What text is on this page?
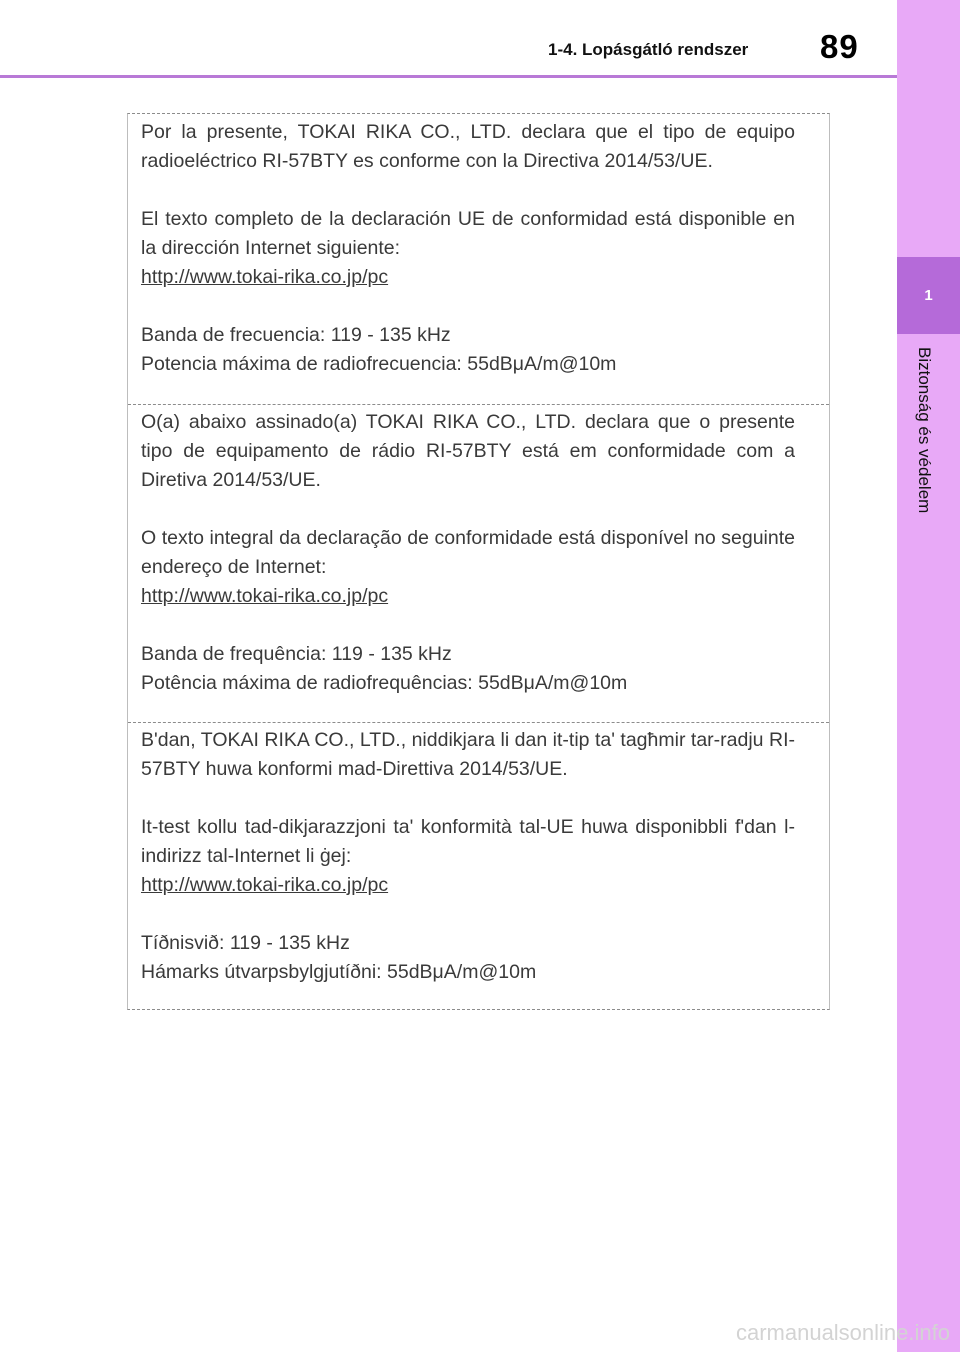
1-4. Lopásgátló rendszer 89
1
Biztonság és védelem

Por la presente, TOKAI RIKA CO., LTD. declara que el tipo de equipo radioeléctrico RI-57BTY es conforme con la Directiva 2014/53/UE.

El texto completo de la declaración UE de conformidad está disponible en la dirección Internet siguiente:

http://www.tokai-rika.co.jp/pc

Banda de frecuencia: 119 - 135 kHz

Potencia máxima de radiofrecuencia: 55dBμA/m@10m

O(a) abaixo assinado(a) TOKAI RIKA CO., LTD. declara que o presente tipo de equipamento de rádio RI-57BTY está em conformidade com a Diretiva 2014/53/UE.

O texto integral da declaração de conformidade está disponível no seguinte endereço de Internet:

http://www.tokai-rika.co.jp/pc

Banda de frequência: 119 - 135 kHz

Potência máxima de radiofrequências: 55dBμA/m@10m

B'dan, TOKAI RIKA CO., LTD., niddikjara li dan it-tip ta' tagħmir tar-radju RI-57BTY huwa konformi mad-Direttiva 2014/53/UE.

It-test kollu tad-dikjarazzjoni ta' konformità tal-UE huwa disponibbli f'dan l-indirizz tal-Internet li ġej:

http://www.tokai-rika.co.jp/pc

Tíðnisvið: 119 - 135 kHz

Hámarks útvarpsbylgjutíðni: 55dBμA/m@10m

carmanualsonline.info
